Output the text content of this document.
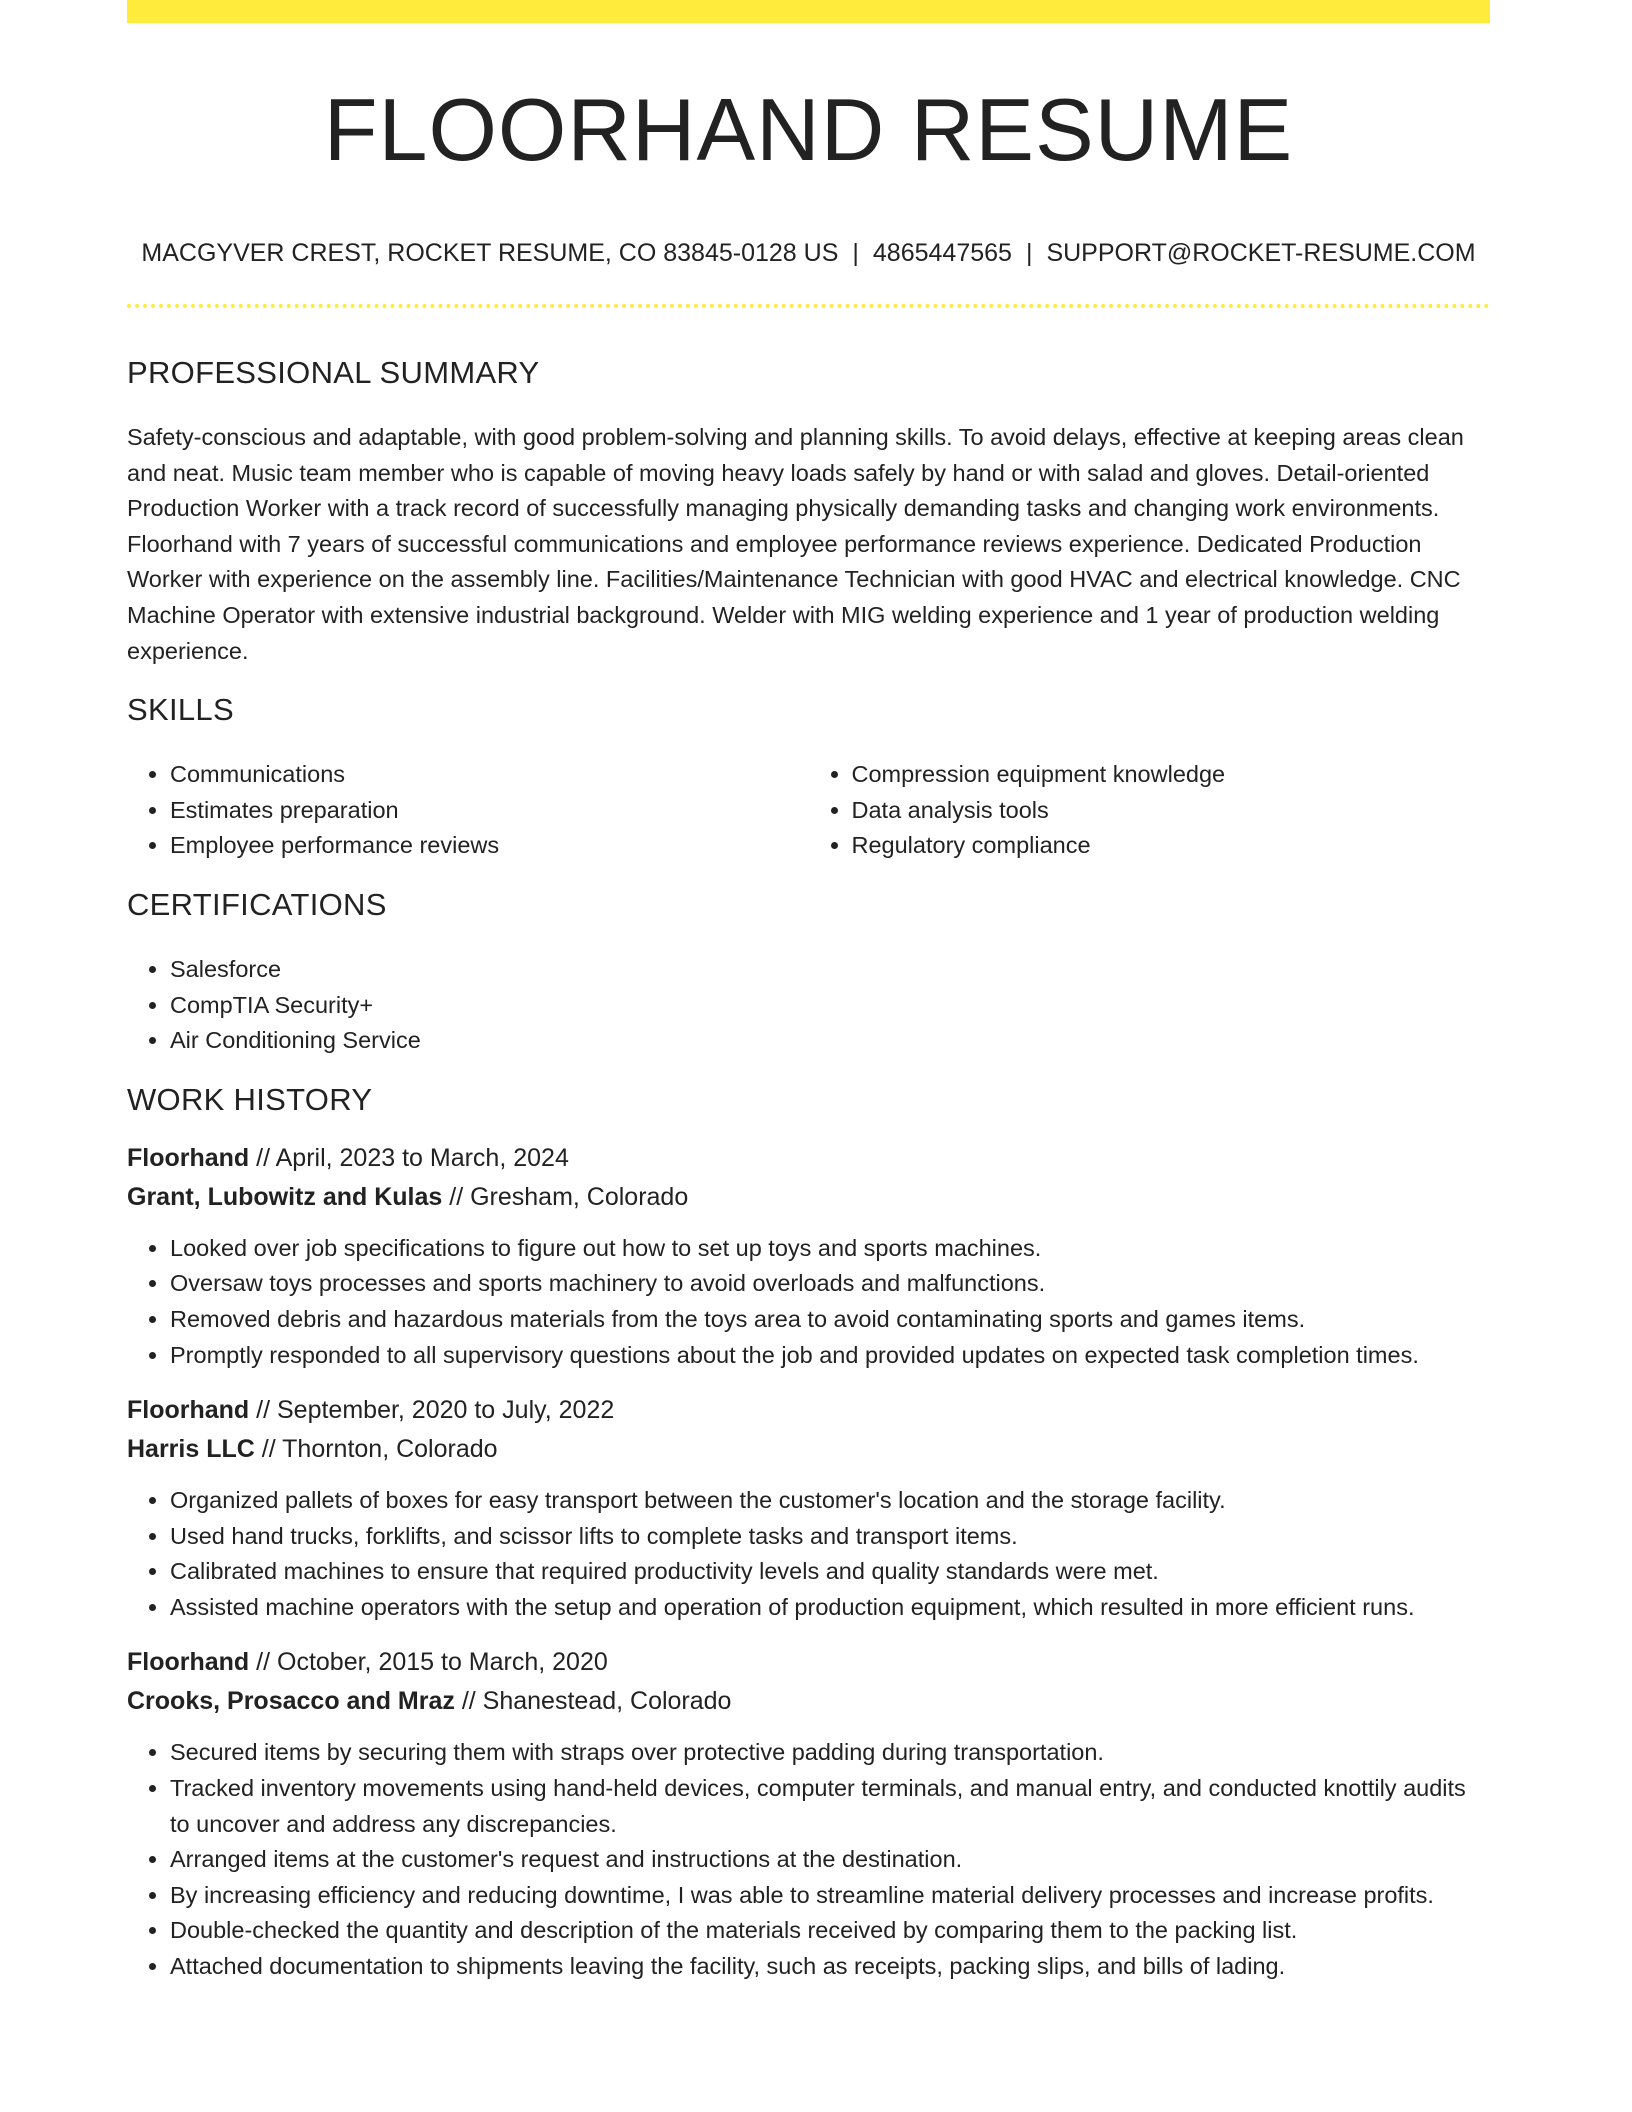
FLOORHAND RESUME
MACGYVER CREST, ROCKET RESUME, CO 83845-0128 US | 4865447565 | SUPPORT@ROCKET-RESUME.COM
PROFESSIONAL SUMMARY

Safety-conscious and adaptable, with good problem-solving and planning skills. To avoid delays, effective at keeping areas clean and neat. Music team member who is capable of moving heavy loads safely by hand or with salad and gloves. Detail-oriented Production Worker with a track record of successfully managing physically demanding tasks and changing work environments. Floorhand with 7 years of successful communications and employee performance reviews experience. Dedicated Production Worker with experience on the assembly line. Facilities/Maintenance Technician with good HVAC and electrical knowledge. CNC Machine Operator with extensive industrial background. Welder with MIG welding experience and 1 year of production welding experience.

SKILLS
• Communications
• Estimates preparation
• Employee performance reviews
• Compression equipment knowledge
• Data analysis tools
• Regulatory compliance
CERTIFICATIONS
• Salesforce
• CompTIA Security+
• Air Conditioning Service
WORK HISTORY
Floorhand // April, 2023 to March, 2024
Grant, Lubowitz and Kulas // Gresham, Colorado
• Looked over job specifications to figure out how to set up toys and sports machines.
• Oversaw toys processes and sports machinery to avoid overloads and malfunctions.
• Removed debris and hazardous materials from the toys area to avoid contaminating sports and games items.
• Promptly responded to all supervisory questions about the job and provided updates on expected task completion times.
Floorhand // September, 2020 to July, 2022
Harris LLC // Thornton, Colorado
• Organized pallets of boxes for easy transport between the customer's location and the storage facility.
• Used hand trucks, forklifts, and scissor lifts to complete tasks and transport items.
• Calibrated machines to ensure that required productivity levels and quality standards were met.
• Assisted machine operators with the setup and operation of production equipment, which resulted in more efficient runs.
Floorhand // October, 2015 to March, 2020
Crooks, Prosacco and Mraz // Shanestead, Colorado
• Secured items by securing them with straps over protective padding during transportation.
• Tracked inventory movements using hand-held devices, computer terminals, and manual entry, and conducted knottily audits to uncover and address any discrepancies.
• Arranged items at the customer's request and instructions at the destination.
• By increasing efficiency and reducing downtime, I was able to streamline material delivery processes and increase profits.
• Double-checked the quantity and description of the materials received by comparing them to the packing list.
• Attached documentation to shipments leaving the facility, such as receipts, packing slips, and bills of lading.
